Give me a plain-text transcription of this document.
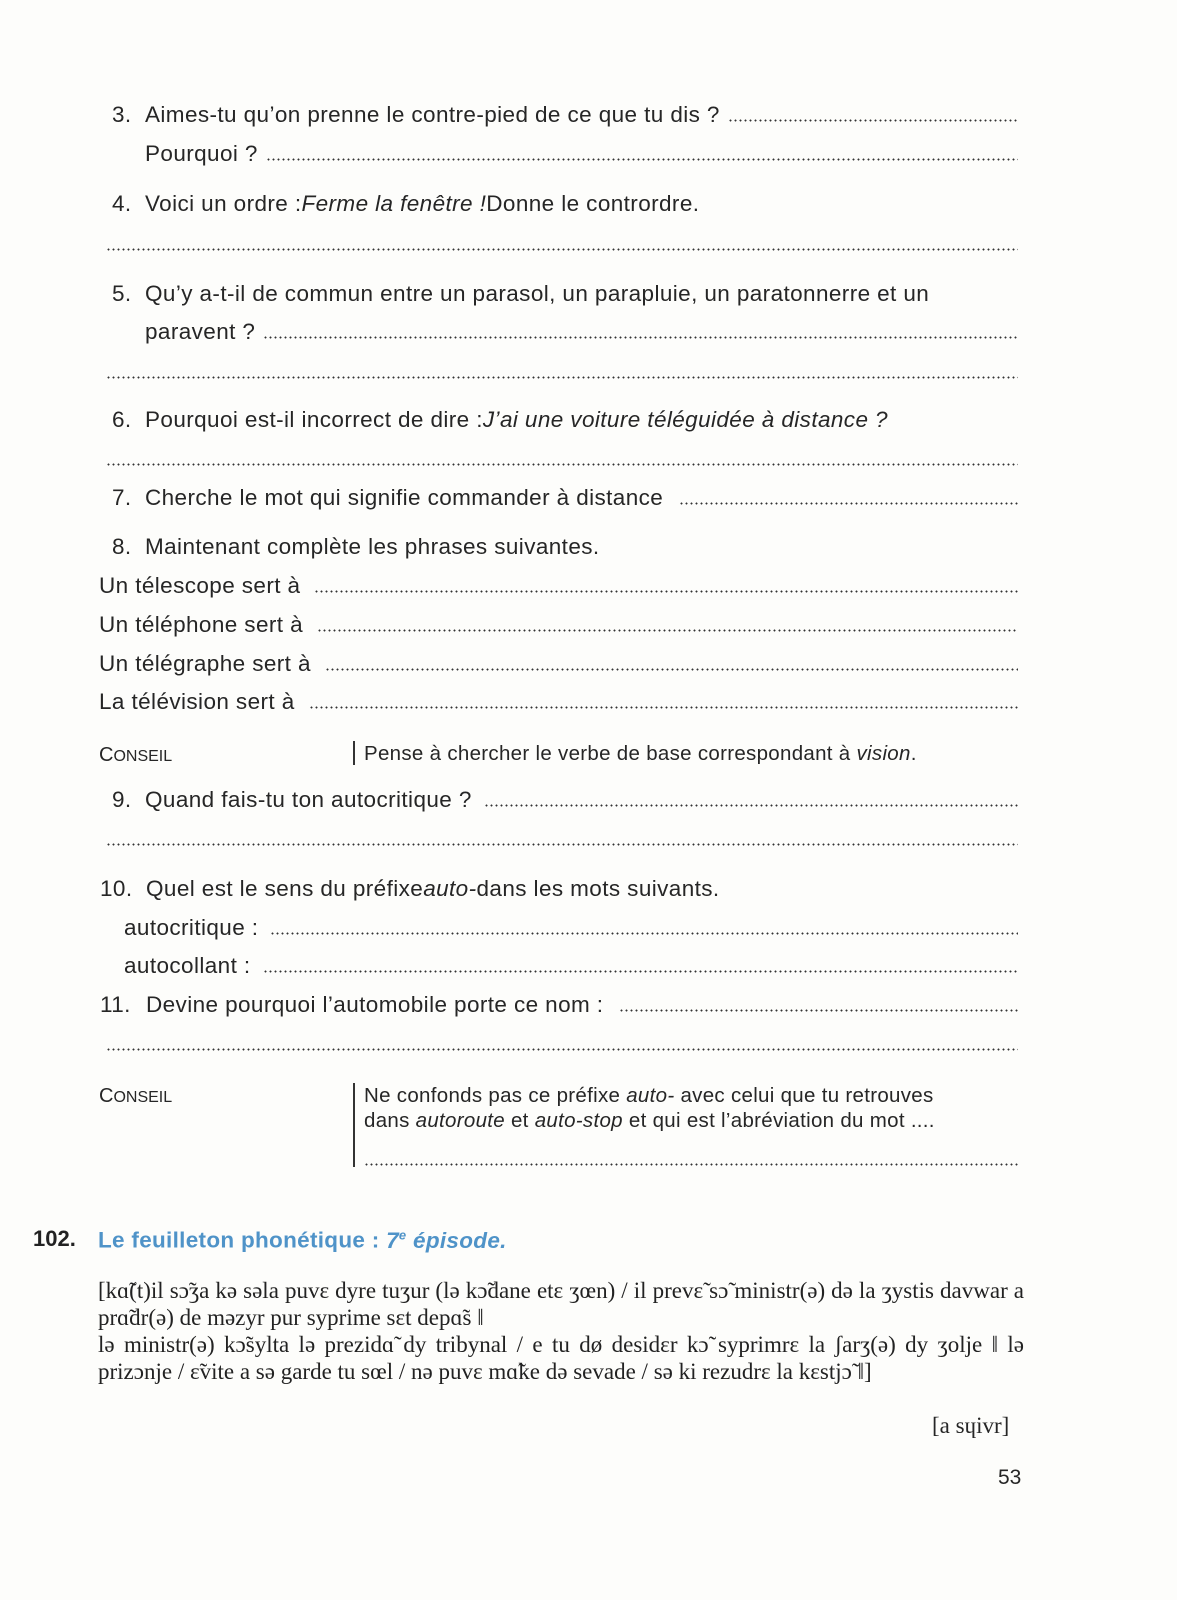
3. Aimes-tu qu’on prenne le contre-pied de ce que tu dis ?
Pourquoi ?
4. Voici un ordre : Ferme la fenêtre ! Donne le contrordre.
5. Qu’y a-t-il de commun entre un parasol, un parapluie, un paratonnerre et un
paravent ?
6. Pourquoi est-il incorrect de dire : J’ai une voiture téléguidée à distance ?
7. Cherche le mot qui signifie commander à distance
8. Maintenant complète les phrases suivantes.
Un télescope sert à
Un téléphone sert à
Un télégraphe sert à
La télévision sert à
CONSEIL	Pense à chercher le verbe de base correspondant à vision.
9. Quand fais-tu ton autocritique ?
10. Quel est le sens du préfixe auto- dans les mots suivants.
autocritique :
autocollant :
11. Devine pourquoi l’automobile porte ce nom :
CONSEIL	Ne confonds pas ce préfixe auto- avec celui que tu retrouves
dans autoroute et auto-stop et qui est l’abréviation du mot ....
102. Le feuilleton phonétique : 7e épisode.

[kɑ̃(t)il sɔ̃ʒa kə səla puvɛ dyre tuʒur (lə kɔ̃dane etɛ ʒœn) / il prevɛ̃ sɔ̃ ministr(ə) də la ʒystis davwar a prɑ̃dr(ə) de məzyr pur syprime sɛt depɑ̃s ‖

lə ministr(ə) kɔ̃sylta lə prezidɑ̃ dy tribynal / e tu dø desidɛr kɔ̃ syprimrɛ la ʃarʒ(ə) dy ʒolje ‖ lə prizɔnje / ɛ̃vite a sə garde tu sœl / nə puvɛ mɑ̃ke də sevade / sə ki rezudrɛ la kɛstjɔ̃ ‖]

[a sɥivr]
53
